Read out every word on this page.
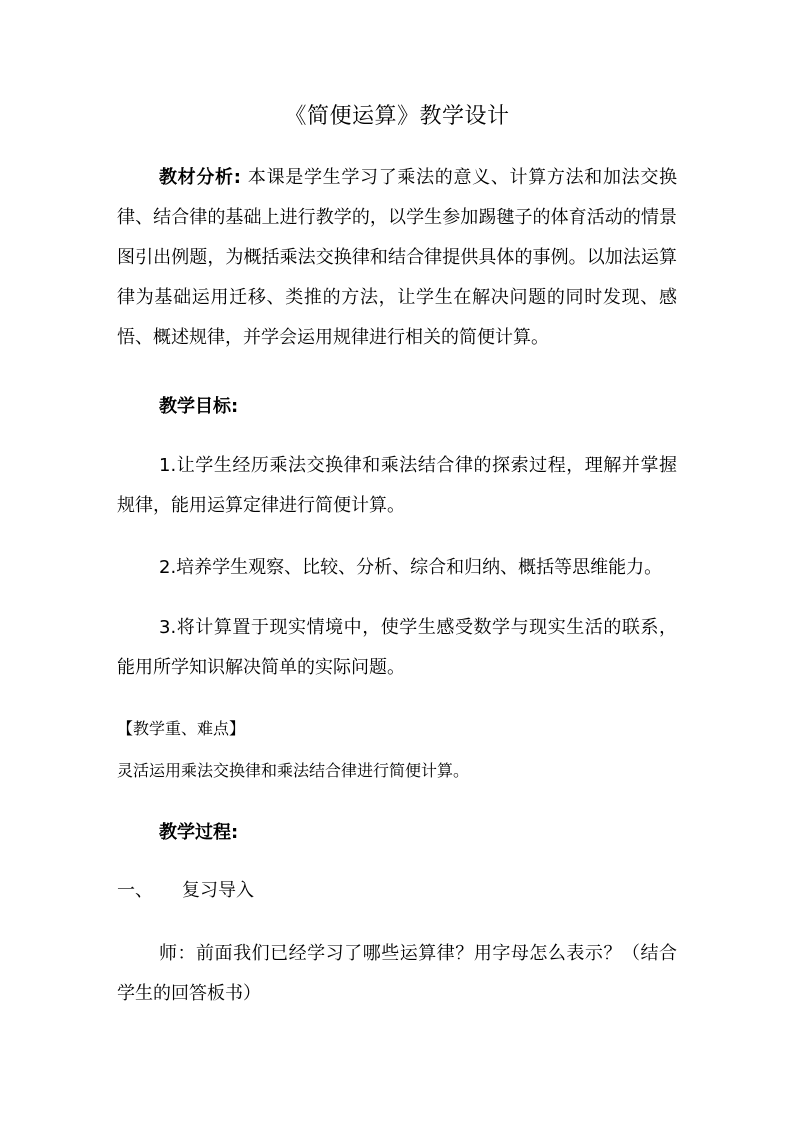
《简便运算》教学设计
教材分析: 本课是学生学习了乘法的意义、计算方法和加法交换律、结合律的基础上进行教学的，以学生参加踢毽子的体育活动的情景图引出例题，为概括乘法交换律和结合律提供具体的事例。以加法运算律为基础运用迁移、类推的方法，让学生在解决问题的同时发现、感悟、概述规律，并学会运用规律进行相关的简便计算。
教学目标:
1.让学生经历乘法交换律和乘法结合律的探索过程，理解并掌握规律，能用运算定律进行简便计算。
2.培养学生观察、比较、分析、综合和归纳、概括等思维能力。
3.将计算置于现实情境中，使学生感受数学与现实生活的联系，能用所学知识解决简单的实际问题。
【教学重、难点】
灵活运用乘法交换律和乘法结合律进行简便计算。
教学过程:
一、 复习导入
师：前面我们已经学习了哪些运算律？用字母怎么表示？（结合学生的回答板书）
